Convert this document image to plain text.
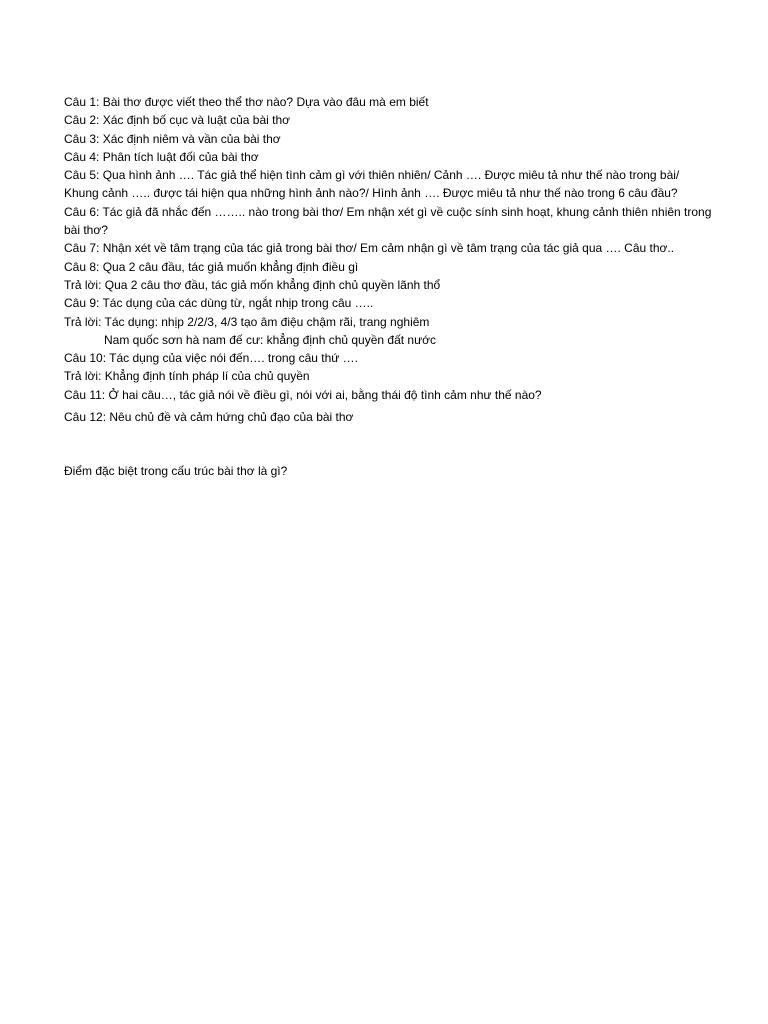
Câu 1: Bài thơ được viết theo thể thơ nào? Dựa vào đâu mà em biết
Câu 2: Xác định bố cục và luật của bài thơ
Câu 3: Xác định niêm và vần của bài thơ
Câu 4: Phân tích luật đối của bài thơ
Câu 5: Qua hình ảnh …. Tác giả thể hiện tình cảm gì với thiên nhiên/ Cảnh …. Được miêu tả như thế nào trong bài/ Khung cảnh ….. được tái hiện qua những hình ảnh nào?/ Hình ảnh …. Được miêu tả như thế nào trong 6 câu đầu?
Câu 6: Tác giả đã nhắc đến …….. nào trong bài thơ/ Em nhận xét gì về cuộc sính sinh hoạt, khung cảnh thiên nhiên trong bài thơ?
Câu 7: Nhận xét về tâm trạng của tác giả trong bài thơ/ Em cảm nhận gì về tâm trạng của tác giả qua …. Câu thơ..
Câu 8: Qua 2 câu đầu, tác giả muốn khẳng định điều gì
Trả lời: Qua 2 câu thơ đầu, tác giả mốn khẳng định chủ quyền lãnh thổ
Câu 9: Tác dụng của các dùng từ, ngắt nhịp trong câu …..
Trả lời: Tác dụng: nhịp 2/2/3, 4/3 tạo âm điệu chậm rãi, trang nghiêm
Nam quốc sơn hà nam đế cư: khẳng định chủ quyền đất nước
Câu 10: Tác dụng của việc nói đến…. trong câu thứ ….
Trả lời: Khẳng định tính pháp lí của chủ quyền
Câu 11: Ở hai câu…, tác giả nói về điều gì, nói với ai, bằng thái độ tình cảm như thế nào?
Câu 12: Nêu chủ đề và cảm hứng chủ đạo của bài thơ
Điểm đặc biệt trong cấu trúc bài thơ là gì?
